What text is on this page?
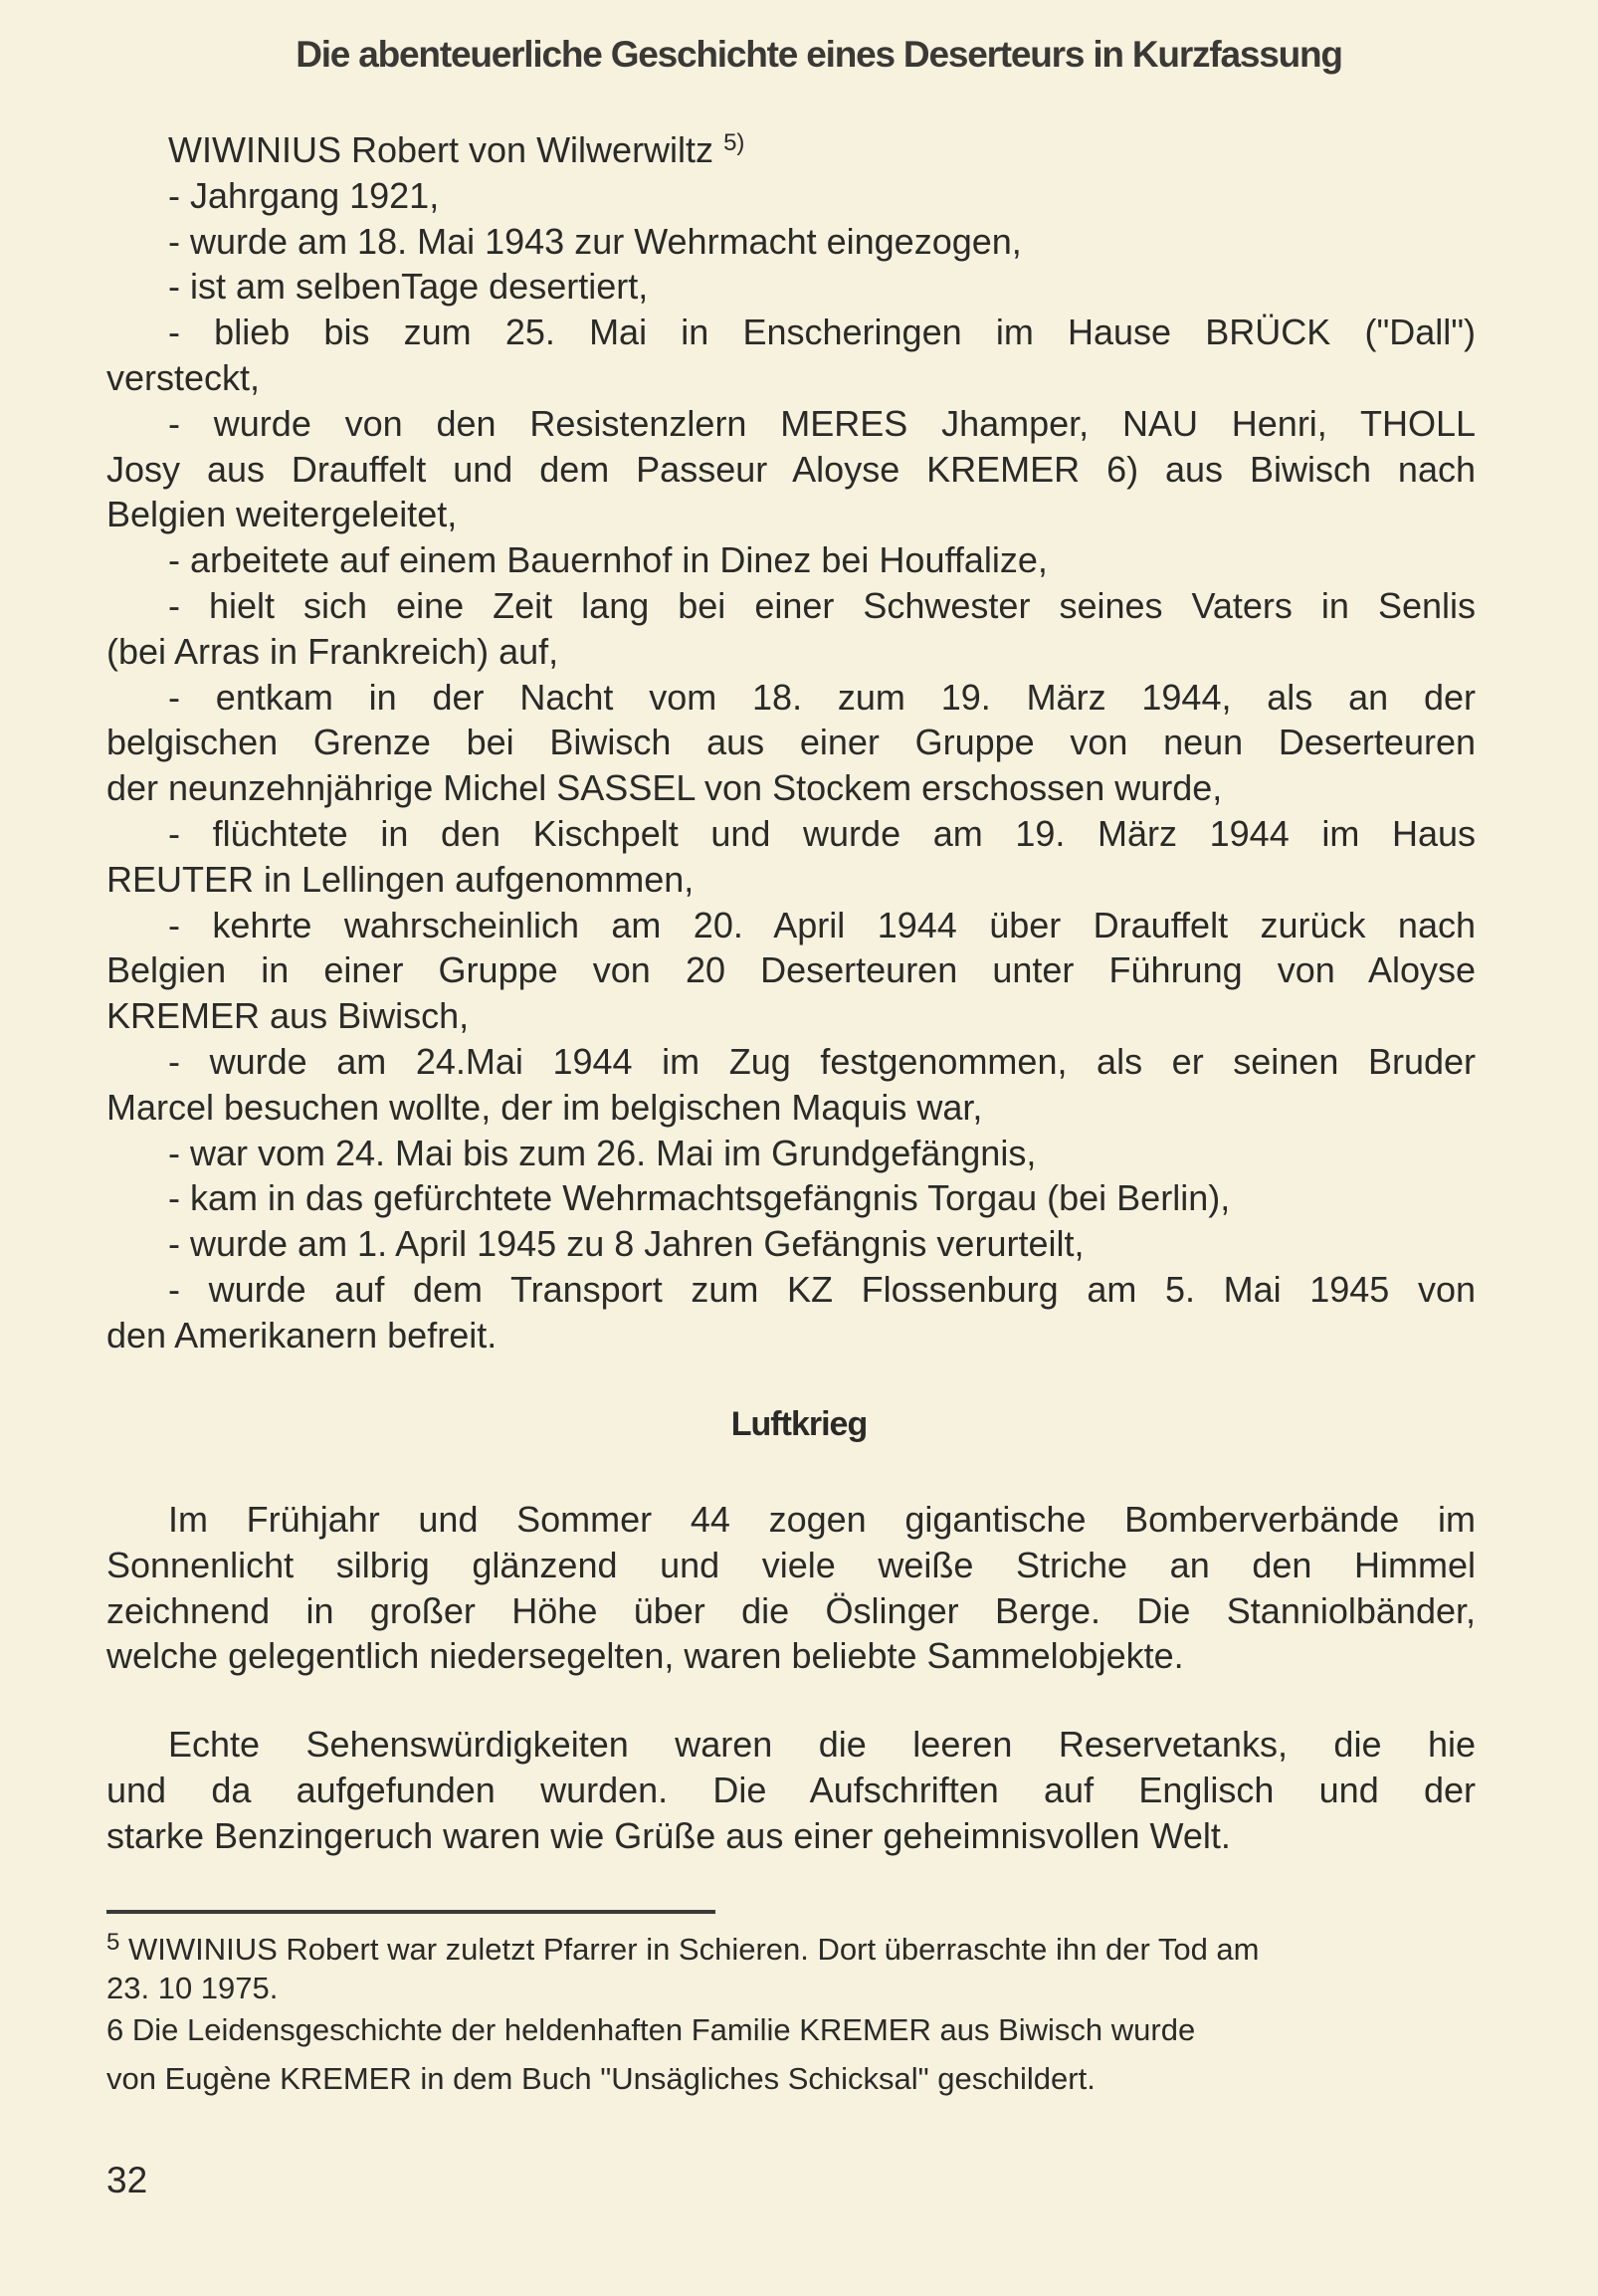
Die abenteuerliche Geschichte eines Deserteurs in Kurzfassung
WIWINIUS Robert von Wilwerwiltz $^{5)}$
- Jahrgang 1921,
- wurde am 18. Mai 1943 zur Wehrmacht eingezogen,
- ist am selbenTage desertiert,
- blieb bis zum 25. Mai in Enscheringen im Hause BRÜCK ("Dall")
versteckt,
- wurde von den Resistenzlern MERES Jhamper, NAU Henri, THOLL
Josy aus Drauffelt und dem Passeur Aloyse KREMER 6) aus Biwisch nach
Belgien weitergeleitet,
- arbeitete auf einem Bauernhof in Dinez bei Houffalize,
- hielt sich eine Zeit lang bei einer Schwester seines Vaters in Senlis
(bei Arras in Frankreich) auf,
- entkam in der Nacht vom 18. zum 19. März 1944, als an der
belgischen Grenze bei Biwisch aus einer Gruppe von neun Deserteuren
der neunzehnjährige Michel SASSEL von Stockem erschossen wurde,
- flüchtete in den Kischpelt und wurde am 19. März 1944 im Haus
REUTER in Lellingen aufgenommen,
- kehrte wahrscheinlich am 20. April 1944 über Drauffelt zurück nach
Belgien in einer Gruppe von 20 Deserteuren unter Führung von Aloyse
KREMER aus Biwisch,
- wurde am 24.Mai 1944 im Zug festgenommen, als er seinen Bruder
Marcel besuchen wollte, der im belgischen Maquis war,
- war vom 24. Mai bis zum 26. Mai im Grundgefängnis,
- kam in das gefürchtete Wehrmachtsgefängnis Torgau (bei Berlin),
- wurde am 1. April 1945 zu 8 Jahren Gefängnis verurteilt,
- wurde auf dem Transport zum KZ Flossenburg am 5. Mai 1945 von
den Amerikanern befreit.
Luftkrieg
Im Frühjahr und Sommer 44 zogen gigantische Bomberverbände im
Sonnenlicht silbrig glänzend und viele weiße Striche an den Himmel
zeichnend in großer Höhe über die Öslinger Berge. Die Stanniolbänder,
welche gelegentlich niedersegelten, waren beliebte Sammelobjekte.
Echte Sehenswürdigkeiten waren die leeren Reservetanks, die hie
und da aufgefunden wurden. Die Aufschriften auf Englisch und der
starke Benzingeruch waren wie Grüße aus einer geheimnisvollen Welt.
$^5$ WIWINIUS Robert war zuletzt Pfarrer in Schieren. Dort überraschte ihn der Tod am
23. 10 1975.
6 Die Leidensgeschichte der heldenhaften Familie KREMER aus Biwisch wurde
von Eugène KREMER in dem Buch "Unsägliches Schicksal" geschildert.
32
